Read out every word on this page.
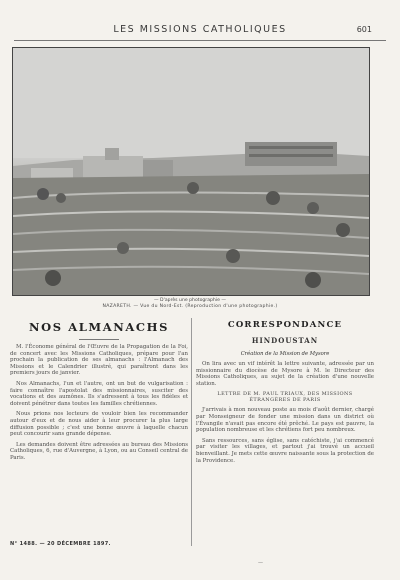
LES MISSIONS CATHOLIQUES	601
— D'après une photographie —
NAZARETH. — Vue du Nord-Est. (Reproduction d'une photographie.)
NOS ALMANACHS
M. l'Économe général de l'Œuvre de la Propagation de la Foi, de concert avec les Missions Catholiques, prépare pour l'an prochain la publication de ses almanachs : l'Almanach des Missions et le Calendrier illustré, qui paraîtront dans les premiers jours de janvier.
Nos Almanachs, l'un et l'autre, ont un but de vulgarisation : faire connaître l'apostolat des missionnaires, susciter des vocations et des aumônes. Ils s'adressent à tous les fidèles et doivent pénétrer dans toutes les familles chrétiennes.
Nous prions nos lecteurs de vouloir bien les recommander autour d'eux et de nous aider à leur procurer la plus large diffusion possible ; c'est une bonne œuvre à laquelle chacun peut concourir sans grande dépense.
Les demandes doivent être adressées au bureau des Missions Catholiques, 6, rue d'Auvergne, à Lyon, ou au Conseil central de Paris.
CORRESPONDANCE
HINDOUSTAN
Création de la Mission de Mysore
On lira avec un vif intérêt la lettre suivante, adressée par un missionnaire du diocèse de Mysore à M. le Directeur des Missions Catholiques, au sujet de la création d'une nouvelle station.
LETTRE DE M. PAUL TRIAUX, DES MISSIONS ÉTRANGÈRES DE PARIS
J'arrivais à mon nouveau poste au mois d'août dernier, chargé par Monseigneur de fonder une mission dans un district où l'Évangile n'avait pas encore été prêché. Le pays est pauvre, la population nombreuse et les chrétiens fort peu nombreux.
Sans ressources, sans église, sans catéchiste, j'ai commencé par visiter les villages, et partout j'ai trouvé un accueil bienveillant. Je mets cette œuvre naissante sous la protection de la Providence.
N° 1488. — 20 DÉCEMBRE 1897.
—
